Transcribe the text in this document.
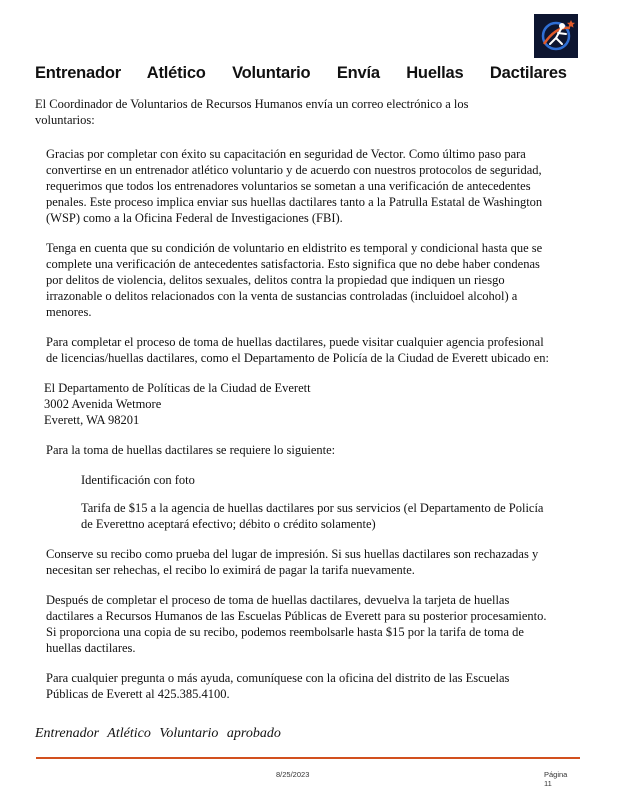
Entrenador Atlético Voluntario Envía Huellas Dactilares
El Coordinador de Voluntarios de Recursos Humanos envía un correo electrónico a los voluntarios:

Gracias por completar con éxito su capacitación en seguridad de Vector. Como último paso para convertirse en un entrenador atlético voluntario y de acuerdo con nuestros protocolos de seguridad, requerimos que todos los entrenadores voluntarios se sometan a una verificación de antecedentes penales. Este proceso implica enviar sus huellas dactilares tanto a la Patrulla Estatal de Washington (WSP) como a la Oficina Federal de Investigaciones (FBI).

Tenga en cuenta que su condición de voluntario en eldistrito es temporal y condicional hasta que se complete una verificación de antecedentes satisfactoria. Esto significa que no debe haber condenas por delitos de violencia, delitos sexuales, delitos contra la propiedad que indiquen un riesgo irrazonable o delitos relacionados con la venta de sustancias controladas (incluidoel alcohol) a menores.

Para completar el proceso de toma de huellas dactilares, puede visitar cualquier agencia profesional de licencias/huellas dactilares, como el Departamento de Policía de la Ciudad de Everett ubicado en:

El Departamento de Políticas de la Ciudad de Everett
3002 Avenida Wetmore
Everett, WA 98201

Para la toma de huellas dactilares se requiere lo siguiente:

Identificación con foto
Tarifa de $15 a la agencia de huellas dactilares por sus servicios (el Departamento de Policía de Everettno aceptará efectivo; débito o crédito solamente)

Conserve su recibo como prueba del lugar de impresión. Si sus huellas dactilares son rechazadas y necesitan ser rehechas, el recibo lo eximirá de pagar la tarifa nuevamente.

Después de completar el proceso de toma de huellas dactilares, devuelva la tarjeta de huellas dactilares a Recursos Humanos de las Escuelas Públicas de Everett para su posterior procesamiento. Si proporciona una copia de su recibo, podemos reembolsarle hasta $15 por la tarifa de toma de huellas dactilares.

Para cualquier pregunta o más ayuda, comuníquese con la oficina del distrito de las Escuelas Públicas de Everett al 425.385.4100.

Entrenador Atlético Voluntario aprobado
8/25/2023	Página
11
